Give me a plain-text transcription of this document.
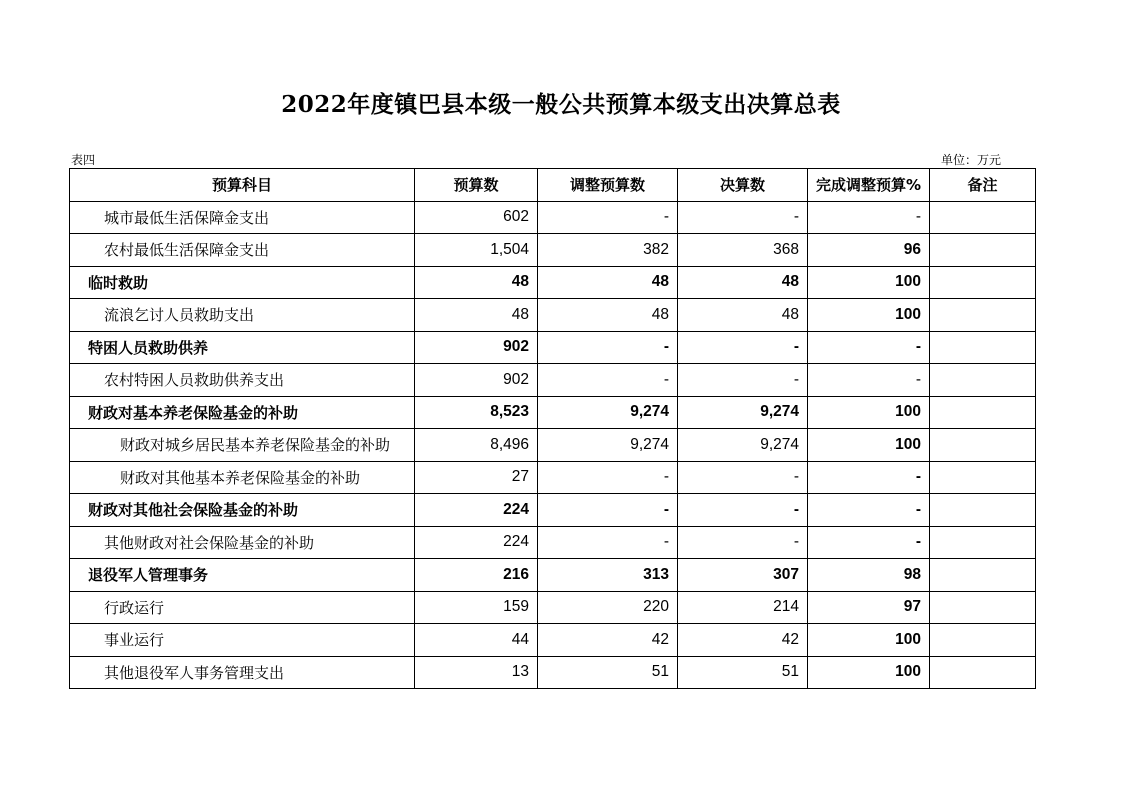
2022年度镇巴县本级一般公共预算本级支出决算总表
表四	单位：万元
预算科目	预算数	调整预算数	决算数	完成调整预算%	备注
城市最低生活保障金支出	602	-	-	-	
农村最低生活保障金支出	1,504	382	368	96	
临时救助	48	48	48	100	
流浪乞讨人员救助支出	48	48	48	100	
特困人员救助供养	902	-	-	-	
农村特困人员救助供养支出	902	-	-	-	
财政对基本养老保险基金的补助	8,523	9,274	9,274	100	
财政对城乡居民基本养老保险基金的补助	8,496	9,274	9,274	100	
财政对其他基本养老保险基金的补助	27	-	-	-	
财政对其他社会保险基金的补助	224	-	-	-	
其他财政对社会保险基金的补助	224	-	-	-	
退役军人管理事务	216	313	307	98	
行政运行	159	220	214	97	
事业运行	44	42	42	100	
其他退役军人事务管理支出	13	51	51	100	
